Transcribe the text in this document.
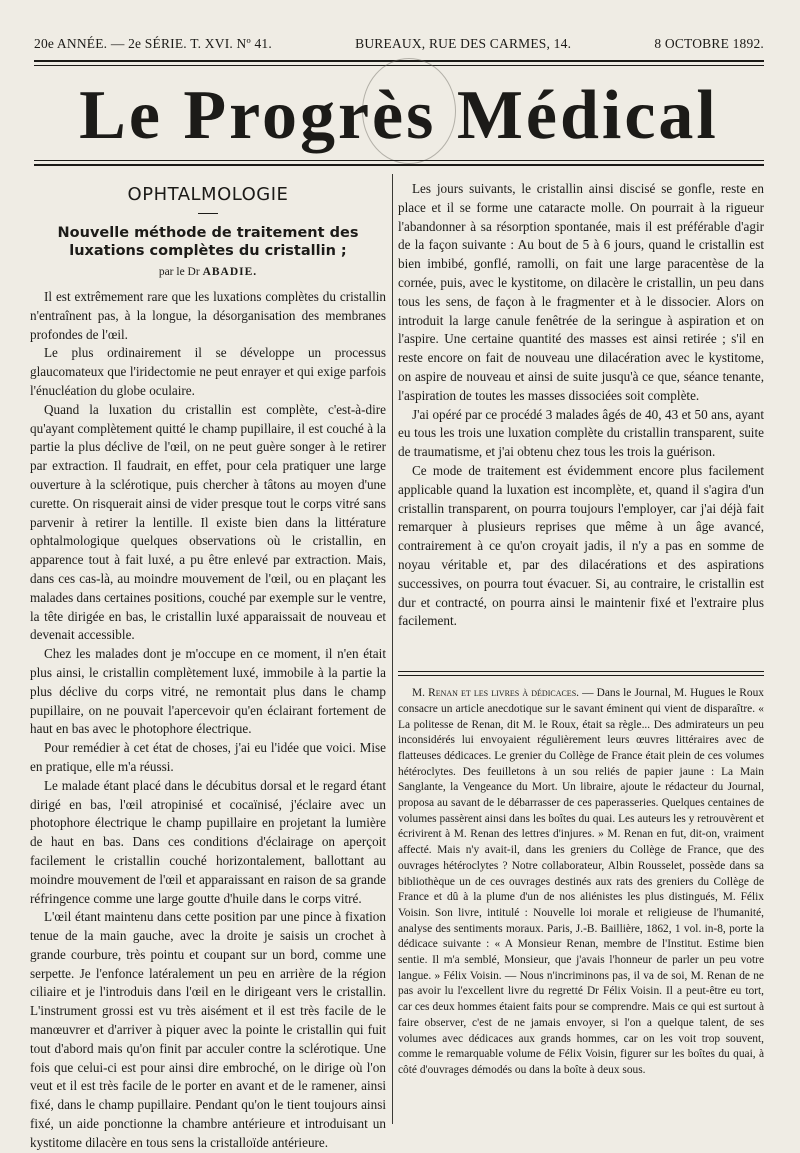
20e ANNÉE. — 2e SÉRIE. T. XVI. Nº 41.	BUREAUX, RUE DES CARMES, 14.	8 OCTOBRE 1892.
Le Progrès Médical
OPHTALMOLOGIE
Nouvelle méthode de traitement des luxations complètes du cristallin ;
par le Dr ABADIE.

Il est extrêmement rare que les luxations complètes du cristallin n'entraînent pas, à la longue, la désorganisation des membranes profondes de l'œil.

Le plus ordinairement il se développe un processus glaucomateux que l'iridectomie ne peut enrayer et qui exige parfois l'énucléation du globe oculaire.

Quand la luxation du cristallin est complète, c'est-à-dire qu'ayant complètement quitté le champ pupillaire, il est couché à la partie la plus déclive de l'œil, on ne peut guère songer à le retirer par extraction. Il faudrait, en effet, pour cela pratiquer une large ouverture à la sclérotique, puis chercher à tâtons au moyen d'une curette. On risquerait ainsi de vider presque tout le corps vitré sans parvenir à retirer la lentille. Il existe bien dans la littérature ophtalmologique quelques observations où le cristallin, en apparence tout à fait luxé, a pu être enlevé par extraction. Mais, dans ces cas-là, au moindre mouvement de l'œil, ou en plaçant les malades dans certaines positions, couché par exemple sur le ventre, la tête dirigée en bas, le cristallin luxé apparaissait de nouveau et devenait accessible.

Chez les malades dont je m'occupe en ce moment, il n'en était plus ainsi, le cristallin complètement luxé, immobile à la partie la plus déclive du corps vitré, ne remontait plus dans le champ pupillaire, on ne pouvait l'apercevoir qu'en éclairant fortement de haut en bas avec le photophore électrique.

Pour remédier à cet état de choses, j'ai eu l'idée que voici. Mise en pratique, elle m'a réussi.

Le malade étant placé dans le décubitus dorsal et le regard étant dirigé en bas, l'œil atropinisé et cocaïnisé, j'éclaire avec un photophore électrique le champ pupillaire en projetant la lumière de haut en bas. Dans ces conditions d'éclairage on aperçoit facilement le cristallin couché horizontalement, ballottant au moindre mouvement de l'œil et apparaissant en raison de sa grande réfringence comme une large goutte d'huile dans le corps vitré.

L'œil étant maintenu dans cette position par une pince à fixation tenue de la main gauche, avec la droite je saisis un crochet à grande courbure, très pointu et coupant sur un bord, comme une serpette. Je l'enfonce latéralement un peu en arrière de la région ciliaire et je l'introduis dans l'œil en le dirigeant vers le cristallin. L'instrument grossi est vu très aisément et il est très facile de le manœuvrer et d'arriver à piquer avec la pointe le cristallin qui fuit tout d'abord mais qu'on finit par acculer contre la sclérotique. Une fois que celui-ci est pour ainsi dire embroché, on le dirige où l'on veut et il est très facile de le porter en avant et de le ramener, ainsi fixé, dans le champ pupillaire. Pendant qu'on le tient toujours ainsi fixé, un aide ponctionne la chambre antérieure et introduisant un kystitome dilacère en tous sens la cristalloïde antérieure.

Les jours suivants, le cristallin ainsi discisé se gonfle, reste en place et il se forme une cataracte molle. On pourrait à la rigueur l'abandonner à sa résorption spontanée, mais il est préférable d'agir de la façon suivante : Au bout de 5 à 6 jours, quand le cristallin est bien imbibé, gonflé, ramolli, on fait une large paracentèse de la cornée, puis, avec le kystitome, on dilacère le cristallin, un peu dans tous les sens, de façon à le fragmenter et à le dissocier. Alors on introduit la large canule fenêtrée de la seringue à aspiration et on l'aspire. Une certaine quantité des masses est ainsi retirée ; s'il en reste encore on fait de nouveau une dilacération avec le kystitome, on aspire de nouveau et ainsi de suite jusqu'à ce que, séance tenante, l'aspiration de toutes les masses dissociées soit complète.

J'ai opéré par ce procédé 3 malades âgés de 40, 43 et 50 ans, ayant eu tous les trois une luxation complète du cristallin transparent, suite de traumatisme, et j'ai obtenu chez tous les trois la guérison.

Ce mode de traitement est évidemment encore plus facilement applicable quand la luxation est incomplète, et, quand il s'agira d'un cristallin transparent, on pourra toujours l'employer, car j'ai déjà fait remarquer à plusieurs reprises que même à un âge avancé, contrairement à ce qu'on croyait jadis, il n'y a pas en somme de noyau véritable et, par des dilacérations et des aspirations successives, on pourra tout évacuer. Si, au contraire, le cristallin est dur et contracté, on pourra ainsi le maintenir fixé et l'extraire plus facilement.

M. Renan et les livres à dédicaces. — Dans le Journal, M. Hugues le Roux consacre un article anecdotique sur le savant éminent qui vient de disparaître. « La politesse de Renan, dit M. le Roux, était sa règle... Des admirateurs un peu inconsidérés lui envoyaient régulièrement leurs œuvres littéraires avec de flatteuses dédicaces. Le grenier du Collège de France était plein de ces volumes hétéroclytes. Des feuilletons à un sou reliés de papier jaune : La Main Sanglante, la Vengeance du Mort. Un libraire, ajoute le rédacteur du Journal, proposa au savant de le débarrasser de ces paperasseries. Quelques centaines de volumes passèrent ainsi dans les boîtes du quai. Les auteurs les y retrouvèrent et écrivirent à M. Renan des lettres d'injures. » M. Renan en fut, dit-on, vraiment affecté. Mais n'y avait-il, dans les greniers du Collège de France, que des ouvrages hétéroclytes ? Notre collaborateur, Albin Rousselet, possède dans sa bibliothèque un de ces ouvrages destinés aux rats des greniers du Collège de France et dû à la plume d'un de nos aliénistes les plus distingués, M. Félix Voisin. Son livre, intitulé : Nouvelle loi morale et religieuse de l'humanité, analyse des sentiments moraux. Paris, J.-B. Baillière, 1862, 1 vol. in-8, porte la dédicace suivante : « A Monsieur Renan, membre de l'Institut. Estime bien sentie. Il m'a semblé, Monsieur, que j'avais l'honneur de parler un peu votre langue. » Félix Voisin. — Nous n'incriminons pas, il va de soi, M. Renan de ne pas avoir lu l'excellent livre du regretté Dr Félix Voisin. Il a peut-être eu tort, car ces deux hommes étaient faits pour se comprendre. Mais ce qui est surtout à faire observer, c'est de ne jamais envoyer, si l'on a quelque talent, de ses volumes avec dédicaces aux grands hommes, car on les voit trop souvent, comme le remarquable volume de Félix Voisin, figurer sur les boîtes du quai, à côté d'ouvrages démodés ou dans la boîte à deux sous.
